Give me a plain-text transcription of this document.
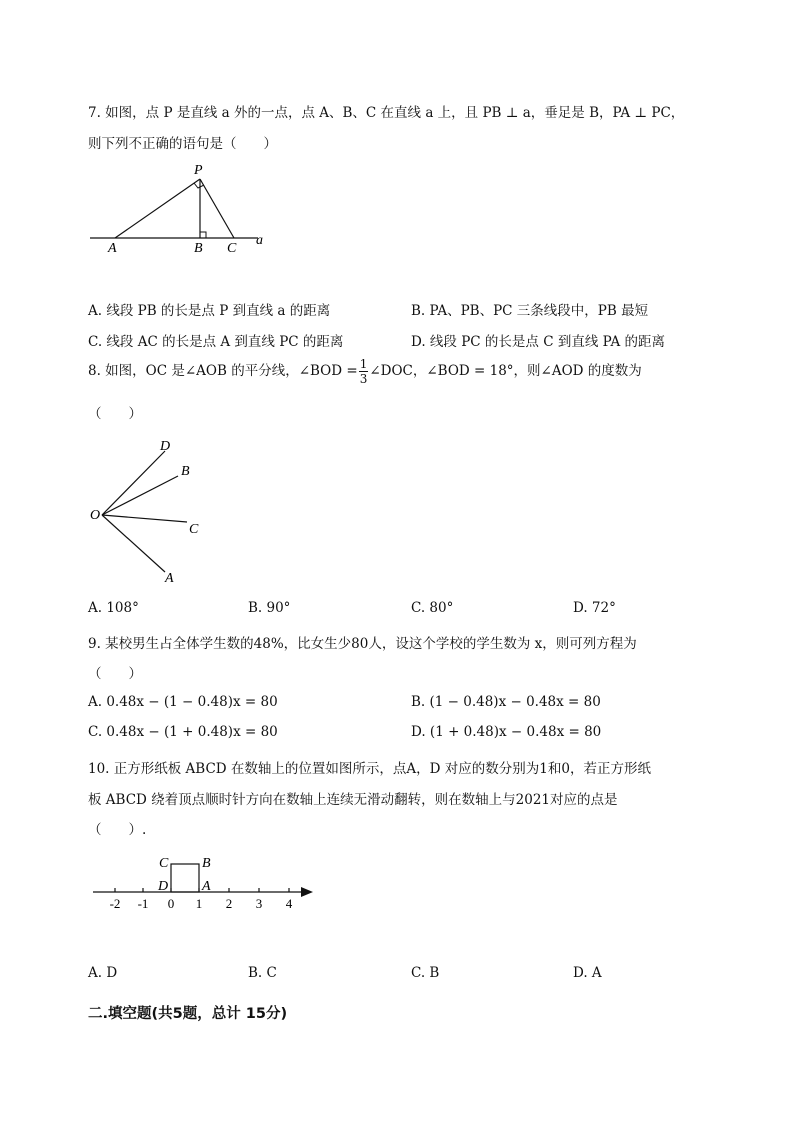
7. 如图，点 P 是直线 a 外的一点，点 A、B、C 在直线 a 上，且 PB ⊥ a，垂足是 B，PA ⊥ PC，
则下列不正确的语句是（　　）
P
A	B C
a
A. 线段 PB 的长是点 P 到直线 a 的距离	B. PA、PB、PC 三条线段中，PB 最短
C. 线段 AC 的长是点 A 到直线 PC 的距离	D. 线段 PC 的长是点 C 到直线 PA 的距离
8. 如图，OC 是∠AOB 的平分线，∠BOD = $\frac{1}{3}$ ∠DOC，∠BOD = 18°，则∠AOD 的度数为
（　　）
O
D
B
C
A
A. 108°	B. 90°	C. 80°	D. 72°
9. 某校男生占全体学生数的48%，比女生少80人，设这个学校的学生数为 x，则可列方程为
（　　）
A. 0.48x − (1 − 0.48)x = 80	B. (1 − 0.48)x − 0.48x = 80
C. 0.48x − (1 + 0.48)x = 80	D. (1 + 0.48)x − 0.48x = 80
10. 正方形纸板 ABCD 在数轴上的位置如图所示，点A，D 对应的数分别为1和0，若正方形纸
板 ABCD 绕着顶点顺时针方向在数轴上连续无滑动翻转，则在数轴上与2021对应的点是
（　　）.
-2 -1 0 1 2 3 4
C B
D A
A. D	B. C	C. B	D. A
二.填空题(共5题，总计 15分)
